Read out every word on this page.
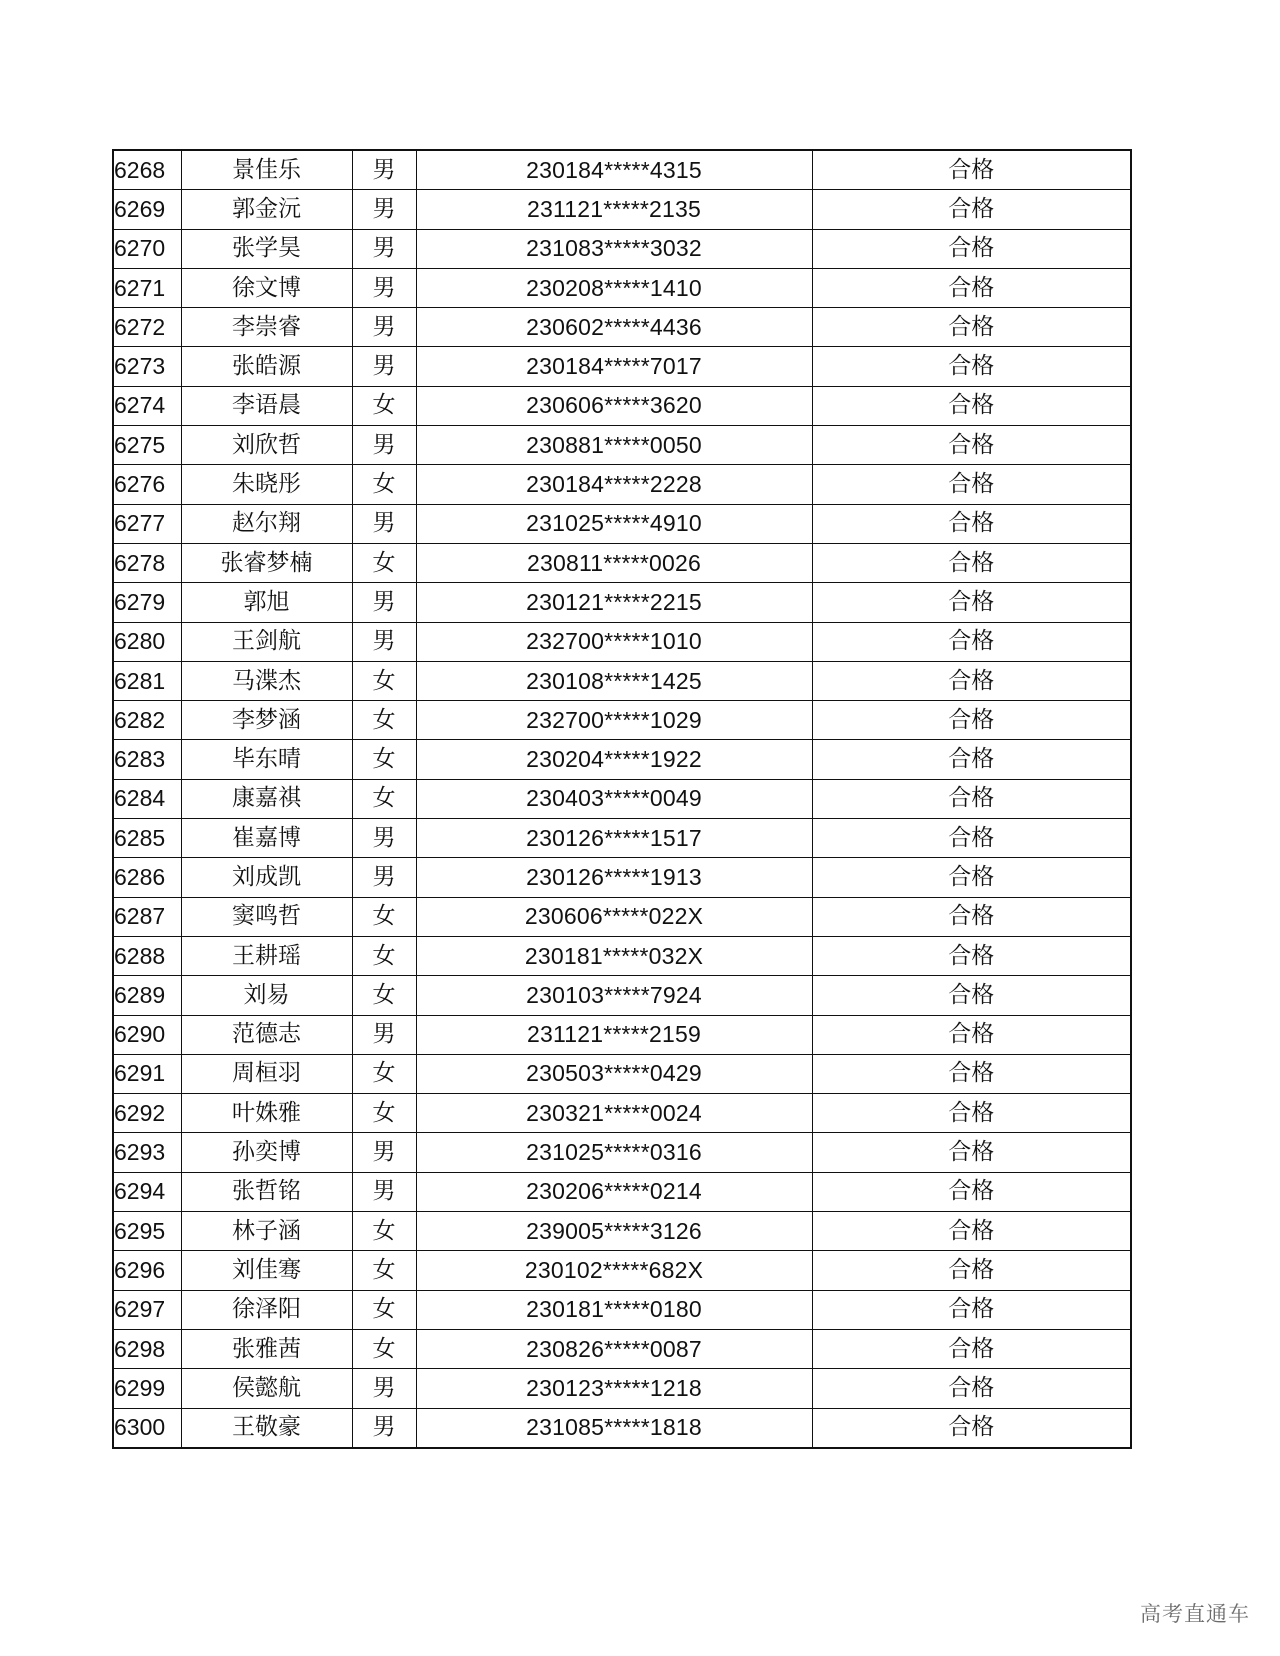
6268	景佳乐	男	230184*****4315	合格
6269	郭金沅	男	231121*****2135	合格
6270	张学昊	男	231083*****3032	合格
6271	徐文博	男	230208*****1410	合格
6272	李崇睿	男	230602*****4436	合格
6273	张皓源	男	230184*****7017	合格
6274	李语晨	女	230606*****3620	合格
6275	刘欣哲	男	230881*****0050	合格
6276	朱晓彤	女	230184*****2228	合格
6277	赵尔翔	男	231025*****4910	合格
6278	张睿梦楠	女	230811*****0026	合格
6279	郭旭	男	230121*****2215	合格
6280	王剑航	男	232700*****1010	合格
6281	马渫杰	女	230108*****1425	合格
6282	李梦涵	女	232700*****1029	合格
6283	毕东晴	女	230204*****1922	合格
6284	康嘉祺	女	230403*****0049	合格
6285	崔嘉博	男	230126*****1517	合格
6286	刘成凯	男	230126*****1913	合格
6287	窦鸣哲	女	230606*****022X	合格
6288	王耕瑶	女	230181*****032X	合格
6289	刘易	女	230103*****7924	合格
6290	范德志	男	231121*****2159	合格
6291	周桓羽	女	230503*****0429	合格
6292	叶姝雅	女	230321*****0024	合格
6293	孙奕博	男	231025*****0316	合格
6294	张哲铭	男	230206*****0214	合格
6295	林子涵	女	239005*****3126	合格
6296	刘佳骞	女	230102*****682X	合格
6297	徐泽阳	女	230181*****0180	合格
6298	张雅茜	女	230826*****0087	合格
6299	侯懿航	男	230123*****1218	合格
6300	王敬豪	男	231085*****1818	合格
高考直通车
